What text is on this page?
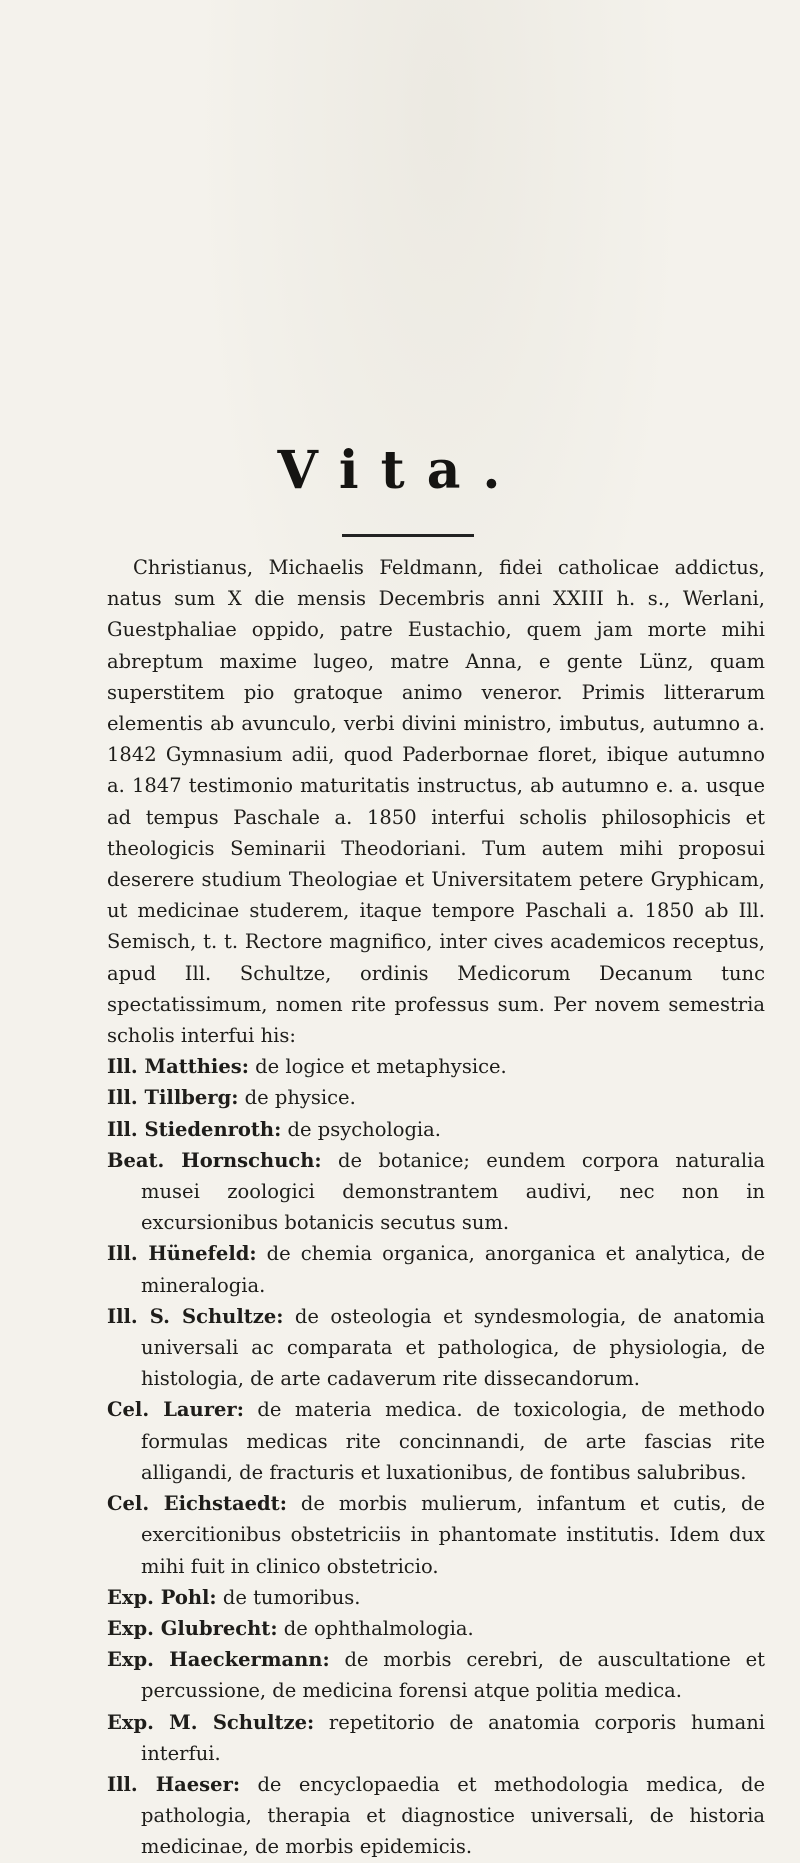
Vita.

Christianus, Michaelis Feldmann, fidei catholicae addictus, natus sum X die mensis Decembris anni XXIII h. s., Werlani, Guestphaliae oppido, patre Eustachio, quem jam morte mihi abreptum maxime lugeo, matre Anna, e gente Lünz, quam superstitem pio gratoque animo veneror. Primis litterarum elementis ab avunculo, verbi divini ministro, imbutus, autumno a. 1842 Gymnasium adii, quod Paderbornae floret, ibique autumno a. 1847 testimonio maturitatis instructus, ab autumno e. a. usque ad tempus Paschale a. 1850 interfui scholis philosophicis et theologicis Seminarii Theodoriani. Tum autem mihi proposui deserere studium Theologiae et Universitatem petere Gryphicam, ut medicinae studerem, itaque tempore Paschali a. 1850 ab Ill. Semisch, t. t. Rectore magnifico, inter cives academicos receptus, apud Ill. Schultze, ordinis Medicorum Decanum tunc spectatissimum, nomen rite professus sum. Per novem semestria scholis interfui his:

Ill. Matthies: de logice et metaphysice.

Ill. Tillberg: de physice.

Ill. Stiedenroth: de psychologia.

Beat. Hornschuch: de botanice; eundem corpora naturalia musei zoologici demonstrantem audivi, nec non in excursionibus botanicis secutus sum.

Ill. Hünefeld: de chemia organica, anorganica et analytica, de mineralogia.

Ill. S. Schultze: de osteologia et syndesmologia, de anatomia universali ac comparata et pathologica, de physiologia, de histologia, de arte cadaverum rite dissecandorum.

Cel. Laurer: de materia medica. de toxicologia, de methodo formulas medicas rite concinnandi, de arte fascias rite alligandi, de fracturis et luxationibus, de fontibus salubribus.

Cel. Eichstaedt: de morbis mulierum, infantum et cutis, de exercitionibus obstetriciis in phantomate institutis. Idem dux mihi fuit in clinico obstetricio.

Exp. Pohl: de tumoribus.

Exp. Glubrecht: de ophthalmologia.

Exp. Haeckermann: de morbis cerebri, de auscultatione et percussione, de medicina forensi atque politia medica.

Exp. M. Schultze: repetitorio de anatomia corporis humani interfui.

Ill. Haeser: de encyclopaedia et methodologia medica, de pathologia, therapia et diagnostice universali, de historia medicinae, de morbis epidemicis.
